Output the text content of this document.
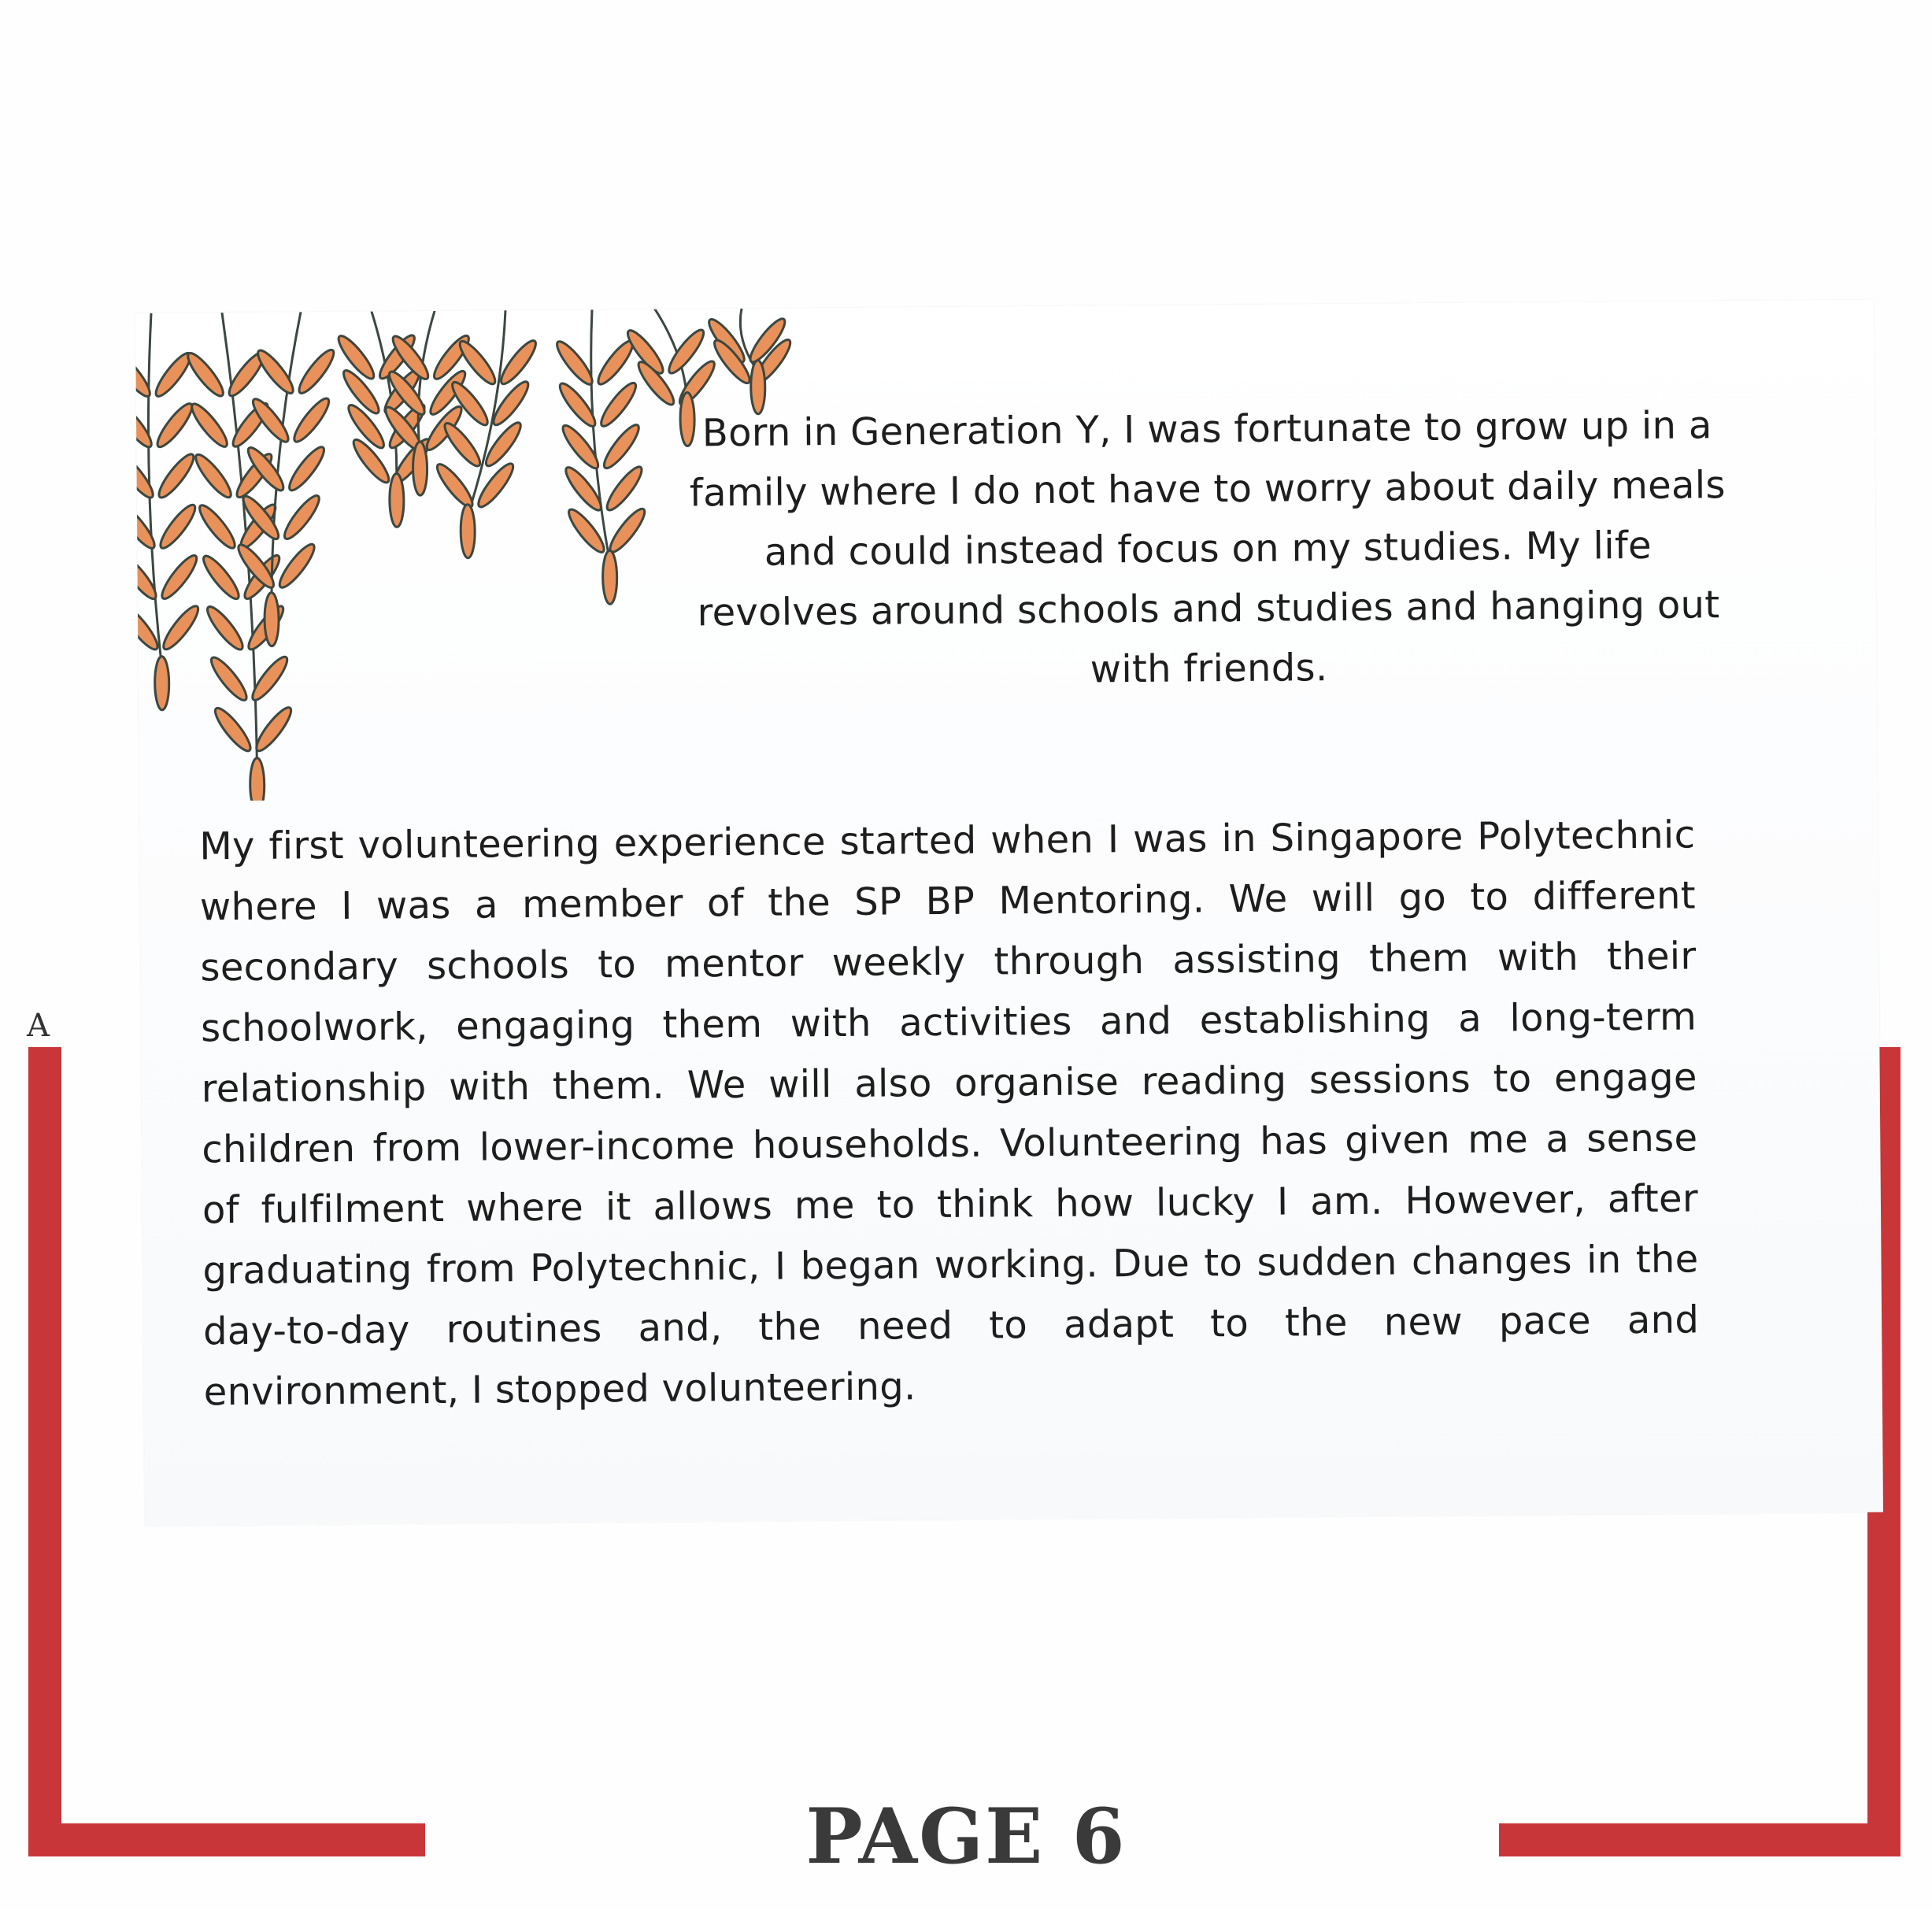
A

Born in Generation Y, I was fortunate to grow up in a family where I do not have to worry about daily meals and could instead focus on my studies. My life revolves around schools and studies and hanging out with friends.

My first volunteering experience started when I was in Singapore Polytechnic where I was a member of the SP BP Mentoring. We will go to different secondary schools to mentor weekly through assisting them with their schoolwork, engaging them with activities and establishing a long-term relationship with them. We will also organise reading sessions to engage children from lower-income households. Volunteering has given me a sense of fulfilment where it allows me to think how lucky I am. However, after graduating from Polytechnic, I began working. Due to sudden changes in the day-to-day routines and, the need to adapt to the new pace and environment, I stopped volunteering.

PAGE 6
